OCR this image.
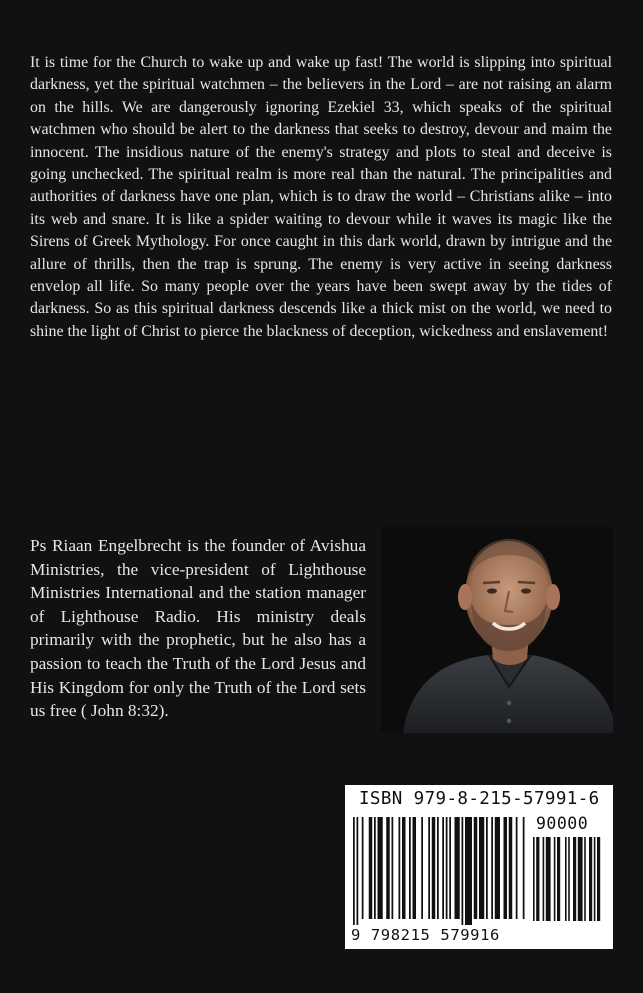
It is time for the Church to wake up and wake up fast! The world is slipping into spiritual darkness, yet the spiritual watchmen – the believers in the Lord – are not raising an alarm on the hills. We are dangerously ignoring Ezekiel 33, which speaks of the spiritual watchmen who should be alert to the darkness that seeks to destroy, devour and maim the innocent. The insidious nature of the enemy's strategy and plots to steal and deceive is going unchecked. The spiritual realm is more real than the natural. The principalities and authorities of darkness have one plan, which is to draw the world – Christians alike – into its web and snare. It is like a spider waiting to devour while it waves its magic like the Sirens of Greek Mythology. For once caught in this dark world, drawn by intrigue and the allure of thrills, then the trap is sprung. The enemy is very active in seeing darkness envelop all life. So many people over the years have been swept away by the tides of darkness. So as this spiritual darkness descends like a thick mist on the world, we need to shine the light of Christ to pierce the blackness of deception, wickedness and enslavement!

Ps Riaan Engelbrecht is the founder of Avishua Ministries, the vice-president of Lighthouse Ministries International and the station manager of Lighthouse Radio. His ministry deals primarily with the prophetic, but he also has a passion to teach the Truth of the Lord Jesus and His Kingdom for only the Truth of the Lord sets us free ( John 8:32).

ISBN 979-8-215-57991-6
90000
9 798215 579916
